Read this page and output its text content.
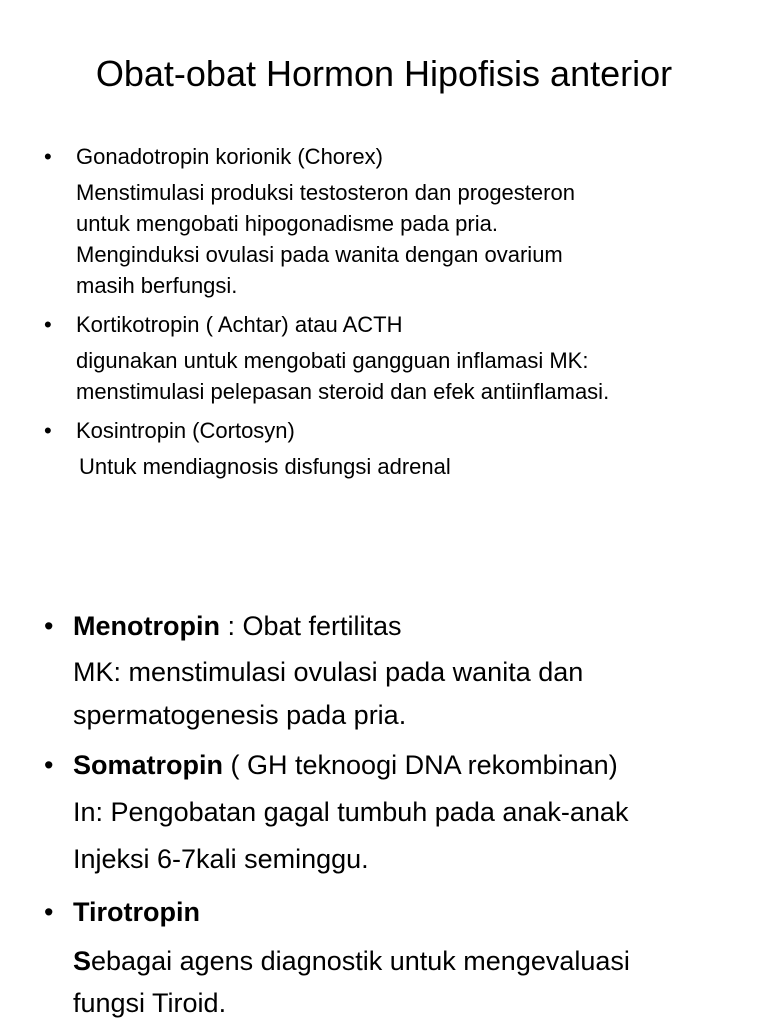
Obat-obat Hormon Hipofisis anterior
• Gonadotropin korionik (Chorex)
Menstimulasi produksi testosteron dan progesteron
untuk mengobati hipogonadisme pada pria.
Menginduksi ovulasi pada wanita dengan ovarium
masih berfungsi.
• Kortikotropin ( Achtar) atau ACTH
digunakan untuk mengobati gangguan inflamasi MK:
menstimulasi pelepasan steroid dan efek antiinflamasi.
• Kosintropin (Cortosyn)
Untuk mendiagnosis disfungsi adrenal
• Menotropin : Obat fertilitas
MK: menstimulasi ovulasi pada wanita dan
spermatogenesis pada pria.
• Somatropin ( GH teknoogi DNA rekombinan)
In: Pengobatan gagal tumbuh pada anak-anak
Injeksi 6-7kali seminggu.
• Tirotropin
Sebagai agens diagnostik untuk mengevaluasi
fungsi Tiroid.
